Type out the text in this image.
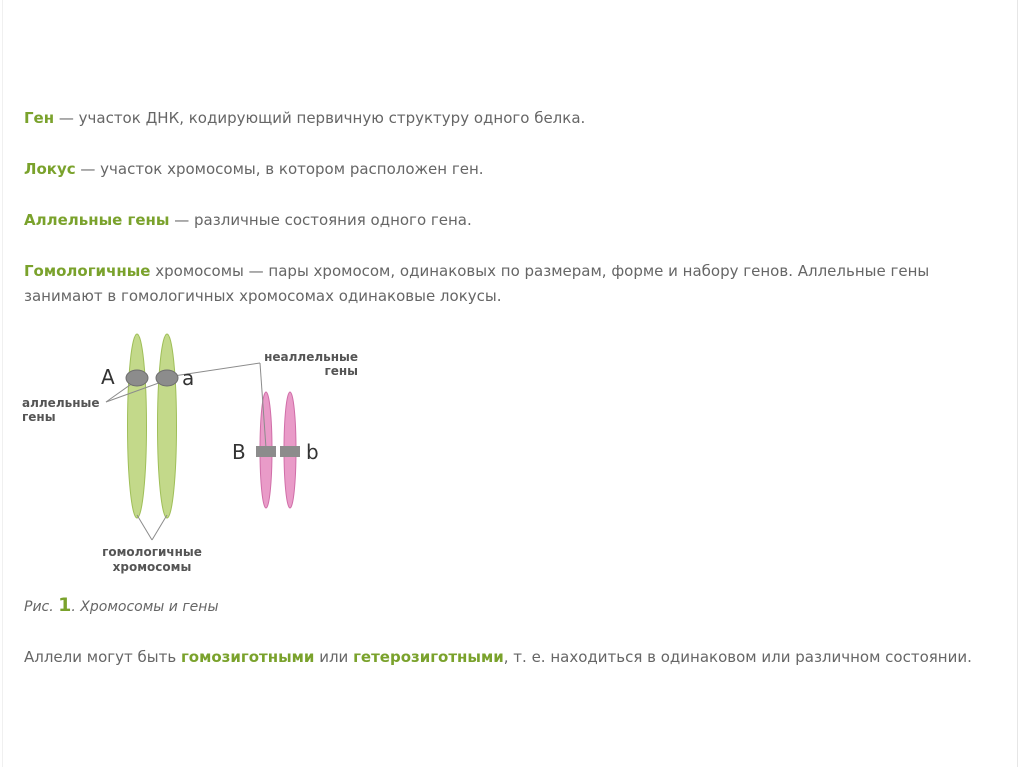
Ген — участок ДНК, кодирующий первичную структуру одного белка.

Локус — участок хромосомы, в котором расположен ген.

Аллельные гены — различные состояния одного гена.

Гомологичные хромосомы — пары хромосом, одинаковых по размерам, форме и набору генов. Аллельные гены занимают в гомологичных хромосомах одинаковые локусы.

A	a
B	b
аллельные
гены
неаллельные
гены
гомологичные
хромосомы

Рис. 1. Хромосомы и гены

Аллели могут быть гомозиготными или гетерозиготными, т. е. находиться в одинаковом или различном состоянии.
